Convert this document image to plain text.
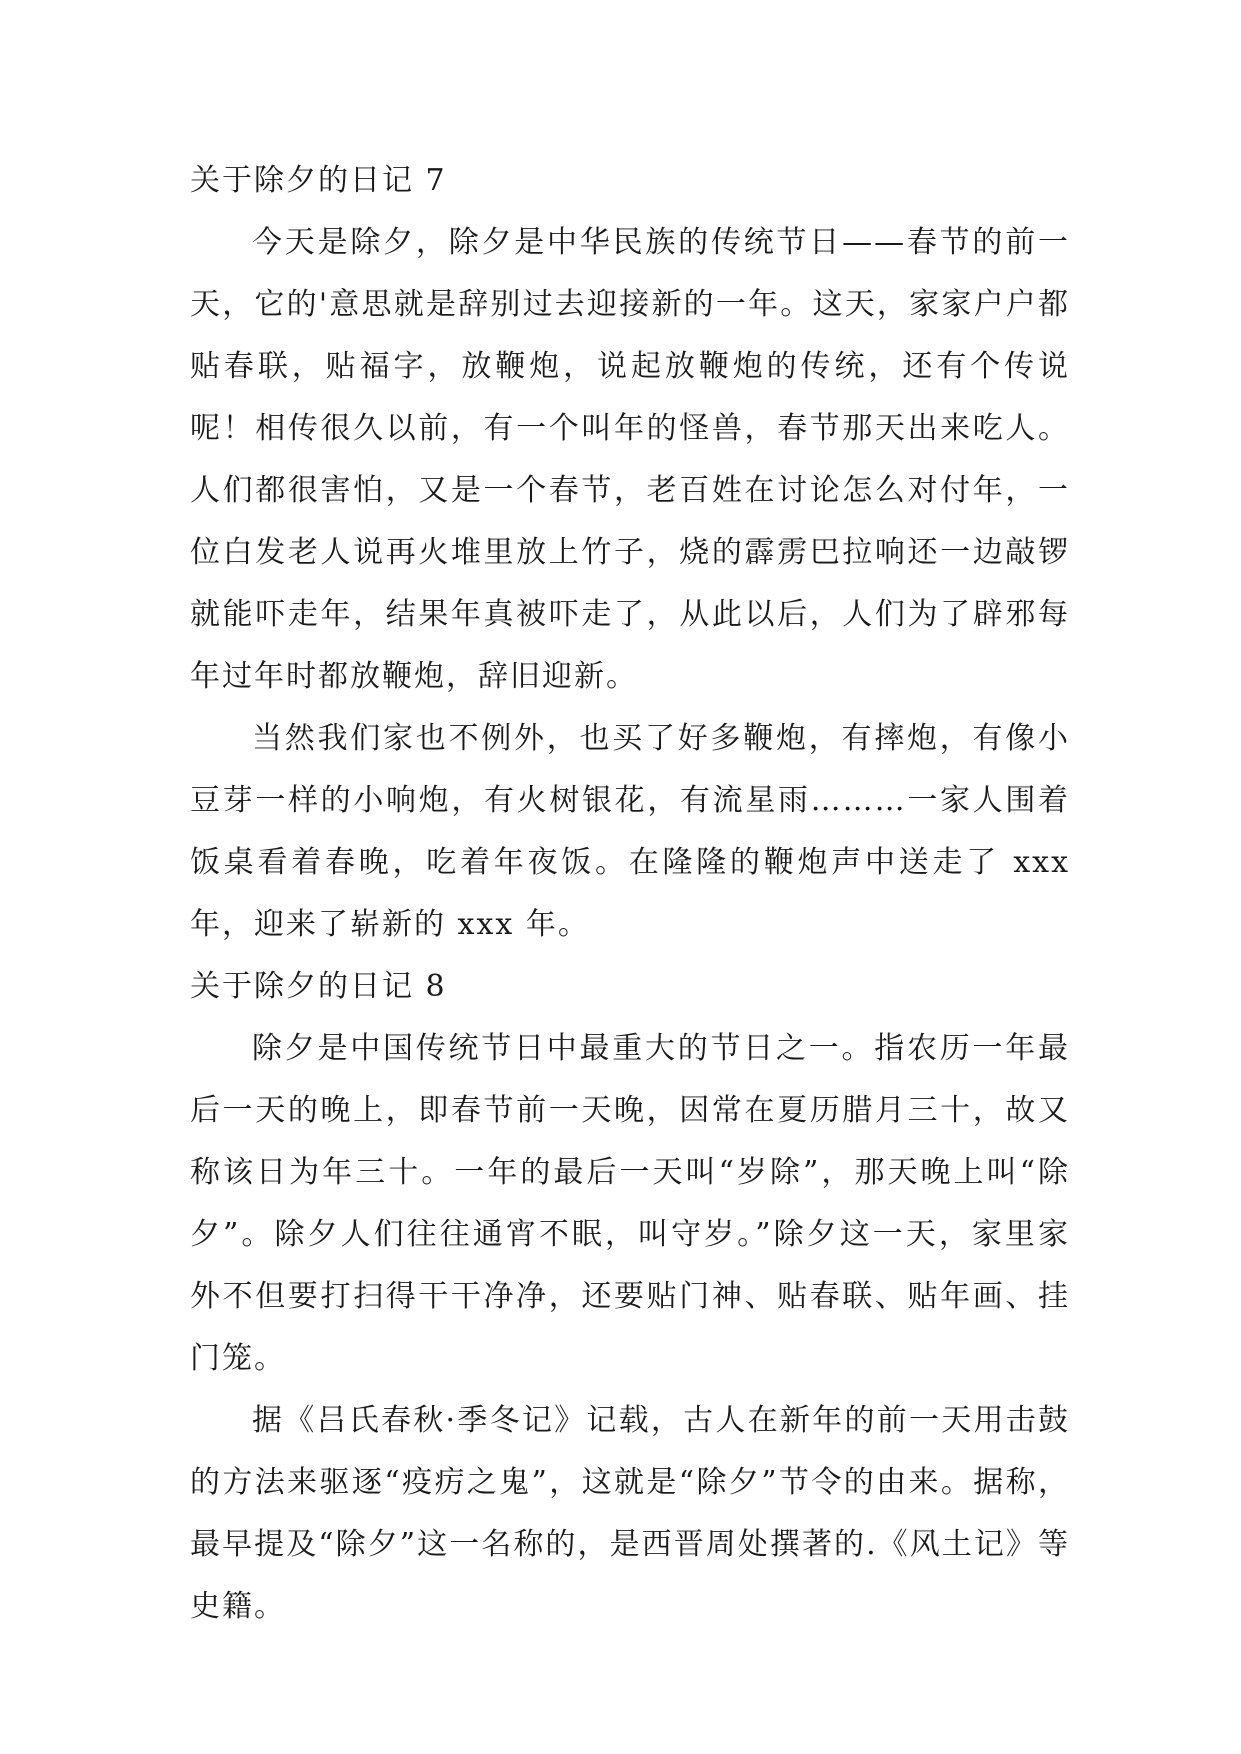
关于除夕的日记 7

今天是除夕，除夕是中华民族的传统节日——春节的前一天，它的'意思就是辞别过去迎接新的一年。这天，家家户户都贴春联，贴福字，放鞭炮，说起放鞭炮的传统，还有个传说呢！相传很久以前，有一个叫年的怪兽，春节那天出来吃人。人们都很害怕，又是一个春节，老百姓在讨论怎么对付年，一位白发老人说再火堆里放上竹子，烧的霹雳巴拉响还一边敲锣就能吓走年，结果年真被吓走了，从此以后，人们为了辟邪每年过年时都放鞭炮，辞旧迎新。

当然我们家也不例外，也买了好多鞭炮，有摔炮，有像小豆芽一样的小响炮，有火树银花，有流星雨………一家人围着饭桌看着春晚，吃着年夜饭。在隆隆的鞭炮声中送走了 xxx 年，迎来了崭新的 xxx 年。

关于除夕的日记 8

除夕是中国传统节日中最重大的节日之一。指农历一年最后一天的晚上，即春节前一天晚，因常在夏历腊月三十，故又称该日为年三十。一年的最后一天叫“岁除”，那天晚上叫“除夕”。除夕人们往往通宵不眠，叫守岁。”除夕这一天，家里家外不但要打扫得干干净净，还要贴门神、贴春联、贴年画、挂门笼。

据《吕氏春秋·季冬记》记载，古人在新年的前一天用击鼓的方法来驱逐“疫疠之鬼”，这就是“除夕”节令的由来。据称，最早提及“除夕”这一名称的，是西晋周处撰著的.《风土记》等史籍。
